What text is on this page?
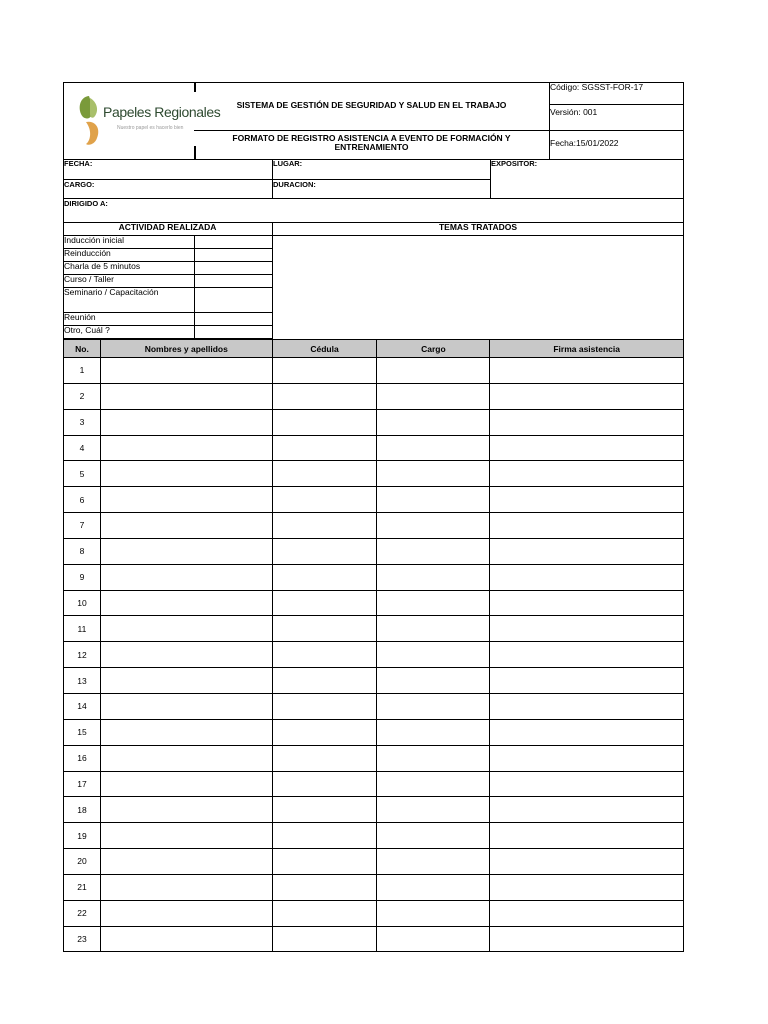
Papeles Regionales
Nuestro papel es hacerlo bien
SISTEMA DE GESTIÓN DE SEGURIDAD Y SALUD EN EL TRABAJO
FORMATO DE REGISTRO ASISTENCIA A EVENTO DE FORMACIÓN Y ENTRENAMIENTO
Código: SGSST-FOR-17
Versión: 001
Fecha:15/01/2022
FECHA:	LUGAR:	EXPOSITOR:
CARGO:	DURACION:
DIRIGIDO A:
ACTIVIDAD REALIZADA	TEMAS TRATADOS
Inducción inicial	
Reinducción	
Charla de 5 minutos	
Curso / Taller	
Seminario / Capacitación	
Reunión	
Otro, Cuál ?	
No.	Nombres y apellidos	Cédula	Cargo	Firma asistencia
1				
2				
3				
4				
5				
6				
7				
8				
9				
10				
11				
12				
13				
14				
15				
16				
17				
18				
19				
20				
21				
22				
23				
